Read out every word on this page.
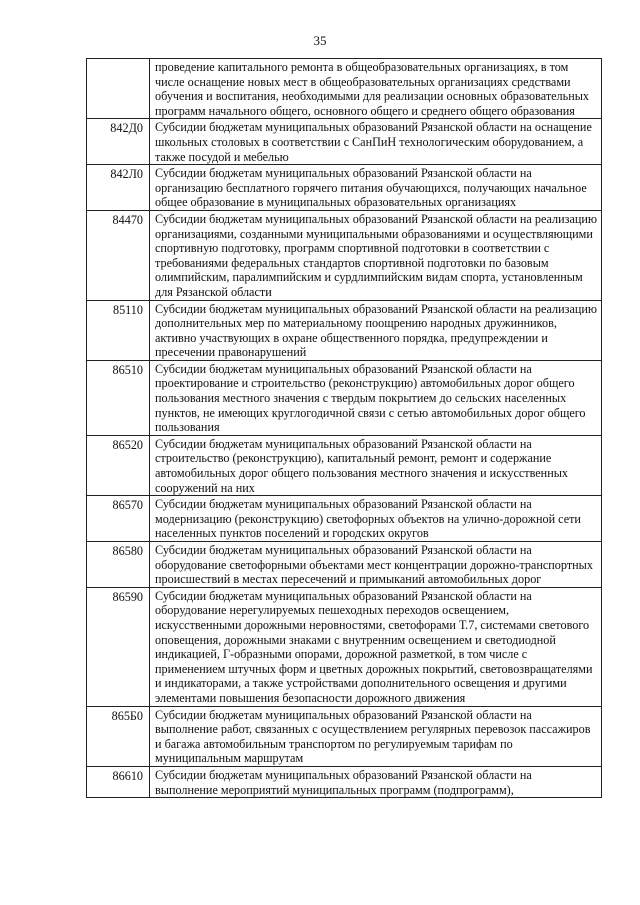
35
	проведение капитального ремонта в общеобразовательных организациях, в том числе оснащение новых мест в общеобразовательных организациях средствами обучения и воспитания, необходимыми для реализации основных образовательных программ начального общего, основного общего и среднего общего образования
842Д0	Субсидии бюджетам муниципальных образований Рязанской области на оснащение школьных столовых в соответствии с СанПиН технологическим оборудованием, а также посудой и мебелью
842Л0	Субсидии бюджетам муниципальных образований Рязанской области на организацию бесплатного горячего питания обучающихся, получающих начальное общее образование в муниципальных образовательных организациях
84470	Субсидии бюджетам муниципальных образований Рязанской области на реализацию организациями, созданными муниципальными образованиями и осуществляющими спортивную подготовку, программ спортивной подготовки в соответствии с требованиями федеральных стандартов спортивной подготовки по базовым олимпийским, паралимпийским и сурдлимпийским видам спорта, установленным для Рязанской области
85110	Субсидии бюджетам муниципальных образований Рязанской области на реализацию дополнительных мер по материальному поощрению народных дружинников, активно участвующих в охране общественного порядка, предупреждении и пресечении правонарушений
86510	Субсидии бюджетам муниципальных образований Рязанской области на проектирование и строительство (реконструкцию) автомобильных дорог общего пользования местного значения с твердым покрытием до сельских населенных пунктов, не имеющих круглогодичной связи с сетью автомобильных дорог общего пользования
86520	Субсидии бюджетам муниципальных образований Рязанской области на строительство (реконструкцию), капитальный ремонт, ремонт и содержание автомобильных дорог общего пользования местного значения и искусственных сооружений на них
86570	Субсидии бюджетам муниципальных образований Рязанской области на модернизацию (реконструкцию) светофорных объектов на улично-дорожной сети населенных пунктов поселений и городских округов
86580	Субсидии бюджетам муниципальных образований Рязанской области на оборудование светофорными объектами мест концентрации дорожно-транспортных происшествий в местах пересечений и примыканий автомобильных дорог
86590	Субсидии бюджетам муниципальных образований Рязанской области на оборудование нерегулируемых пешеходных переходов освещением, искусственными дорожными неровностями, светофорами Т.7, системами светового оповещения, дорожными знаками с внутренним освещением и светодиодной индикацией, Г-образными опорами, дорожной разметкой, в том числе с применением штучных форм и цветных дорожных покрытий, световозвращателями и индикаторами, а также устройствами дополнительного освещения и другими элементами повышения безопасности дорожного движения
865Б0	Субсидии бюджетам муниципальных образований Рязанской области на выполнение работ, связанных с осуществлением регулярных перевозок пассажиров и багажа автомобильным транспортом по регулируемым тарифам по муниципальным маршрутам
86610	Субсидии бюджетам муниципальных образований Рязанской области на выполнение мероприятий муниципальных программ (подпрограмм),
